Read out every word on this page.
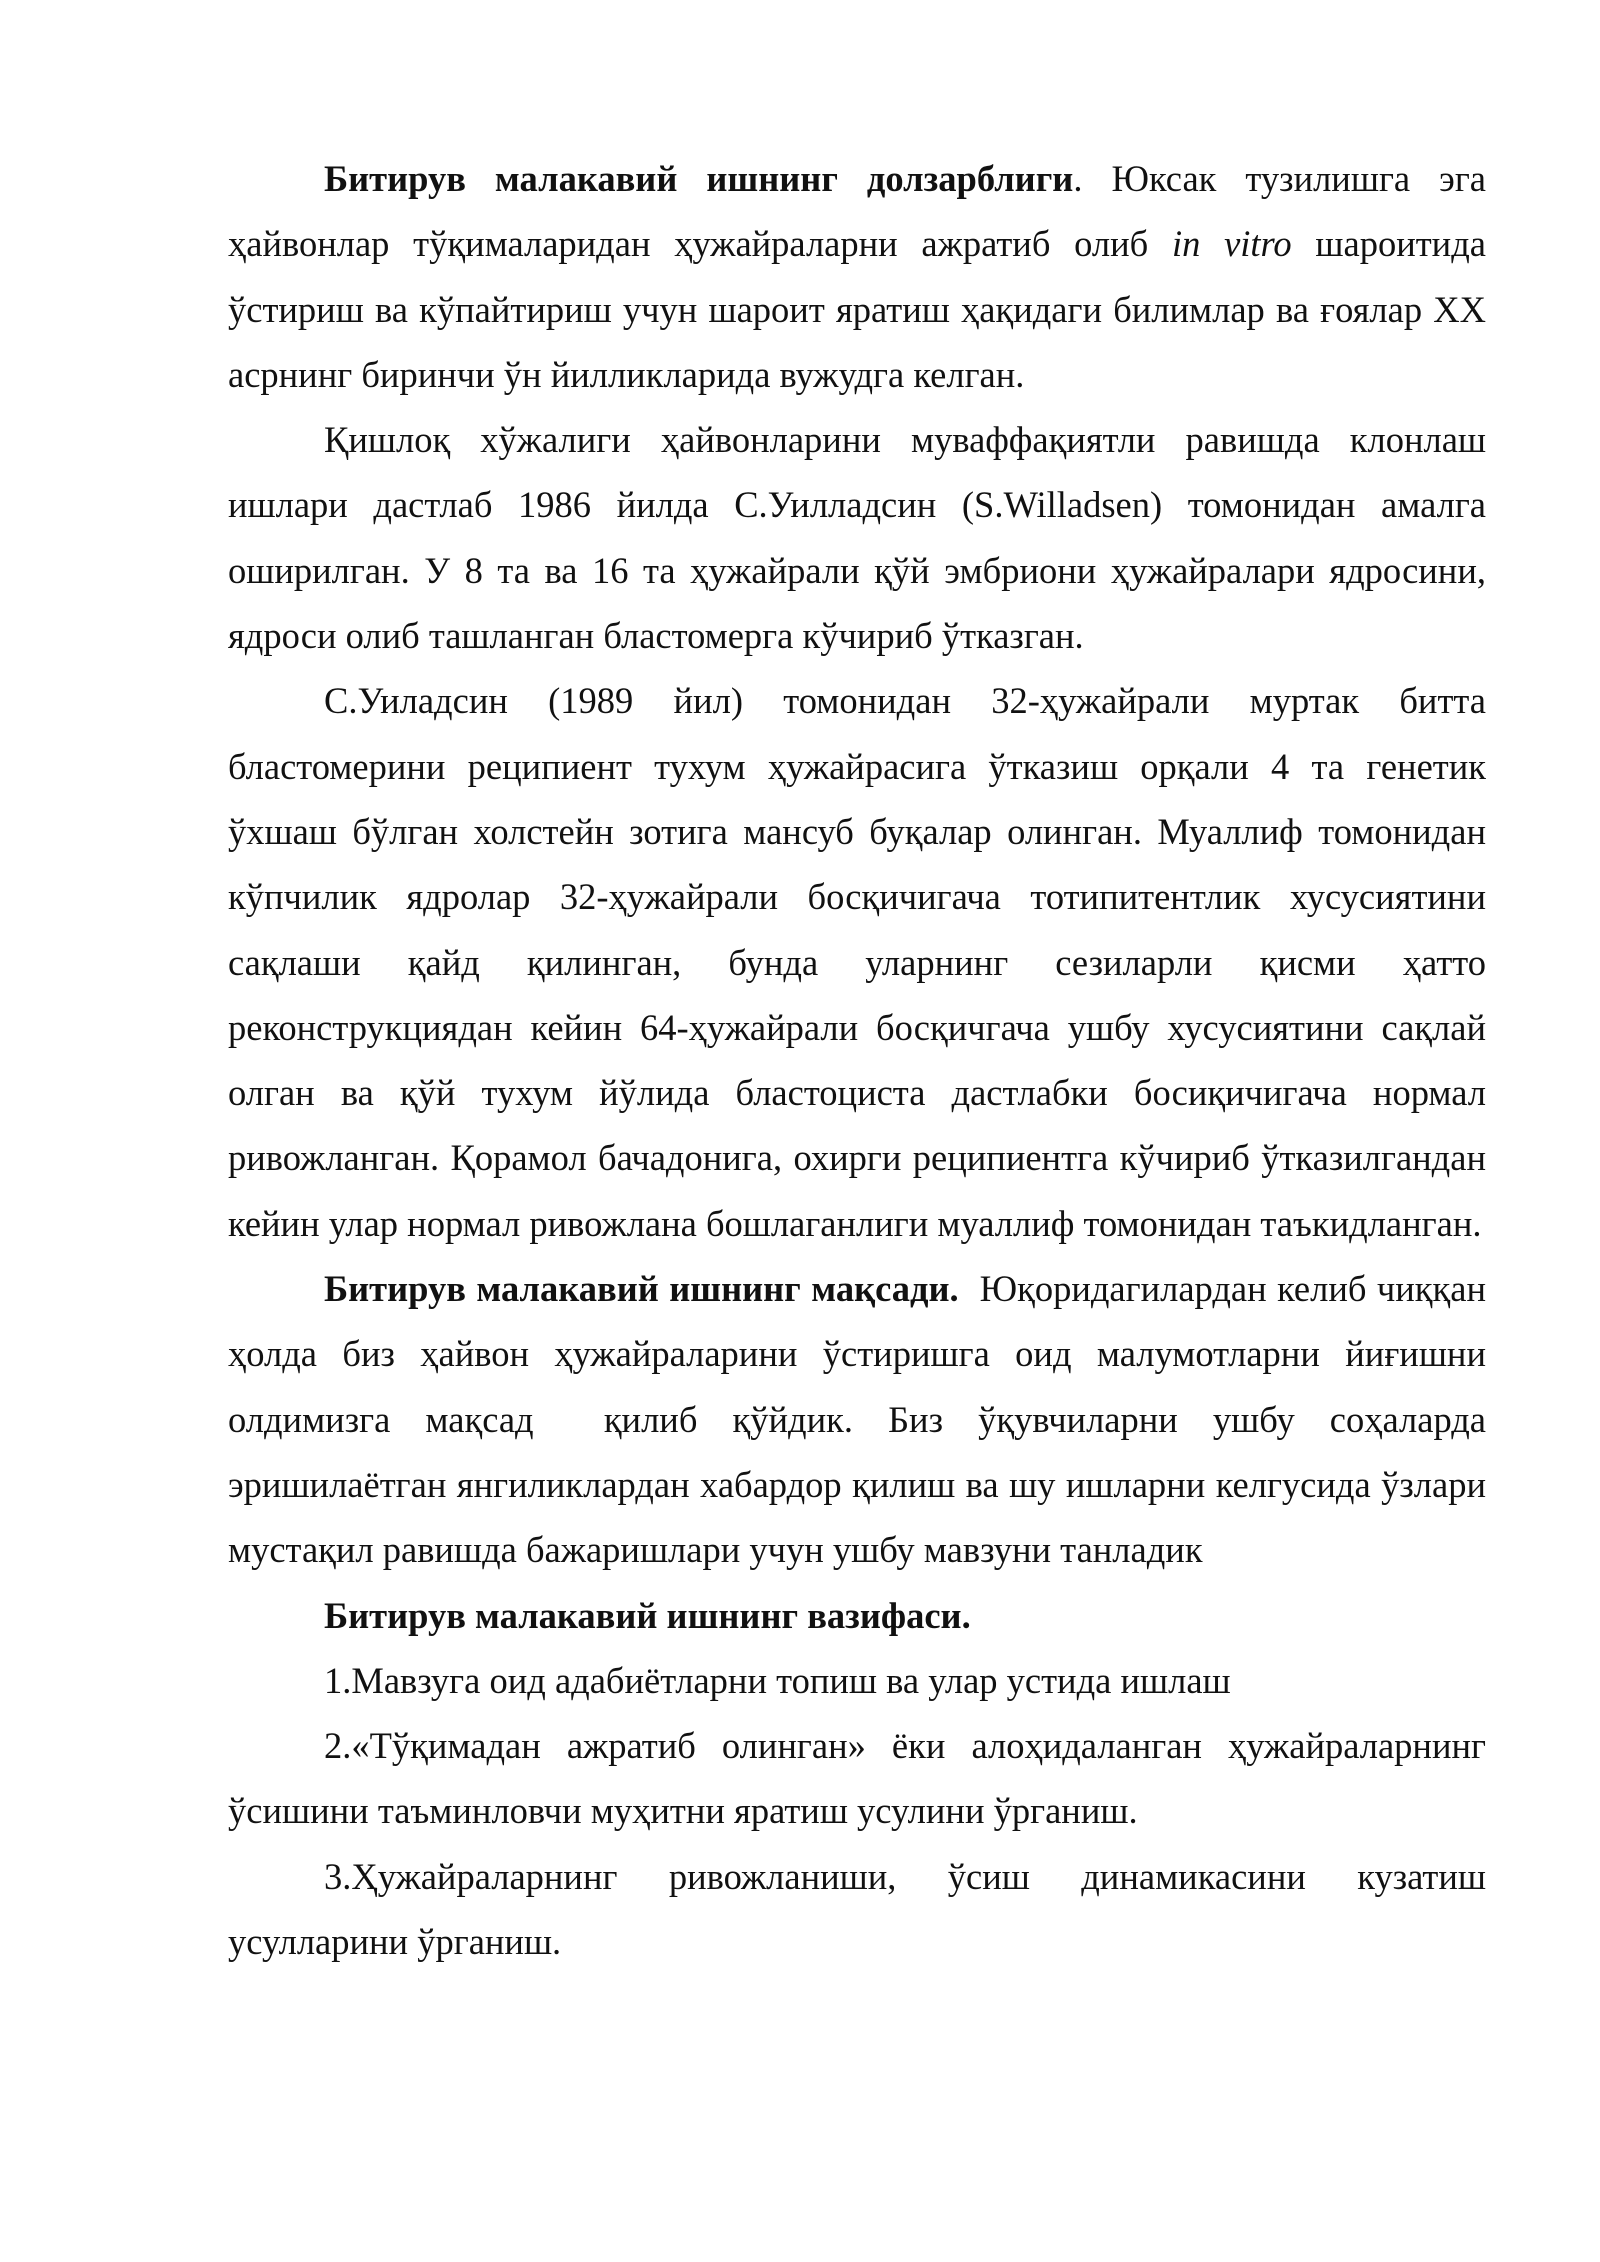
Битирув малакавий ишнинг долзарблиги. Юксак тузилишга эга ҳайвонлар тўқималаридан ҳужайраларни ажратиб олиб in vitro шароитида ўстириш ва кўпайтириш учун шароит яратиш ҳақидаги билимлар ва ғоялар XX асрнинг биринчи ўн йилликларида вужудга келган.

Қишлоқ хўжалиги ҳайвонларини муваффақиятли равишда клонлаш ишлари дастлаб 1986 йилда С.Уилладсин (S.Willadsen) томонидан амалга оширилган. У 8 та ва 16 та ҳужайрали қўй эмбриони ҳужайралари ядросини, ядроси олиб ташланган бластомерга кўчириб ўтказган.

С.Уиладсин (1989 йил) томонидан 32-ҳужайрали муртак битта бластомерини реципиент тухум ҳужайрасига ўтказиш орқали 4 та генетик ўхшаш бўлган холстейн зотига мансуб буқалар олинган. Муаллиф томонидан кўпчилик ядролар 32-ҳужайрали босқичигача тотипитентлик хусусиятини сақлаши қайд қилинган, бунда уларнинг сезиларли қисми ҳатто реконструкциядан кейин 64-ҳужайрали босқичгача ушбу хусусиятини сақлай олган ва қўй тухум йўлида бластоциста дастлабки босиқичигача нормал ривожланган. Қорамол бачадонига, охирги реципиентга кўчириб ўтказилгандан кейин улар нормал ривожлана бошлаганлиги муаллиф томонидан таъкидланган.

Битирув малакавий ишнинг мақсади.  Юқоридагилардан келиб чиққан ҳолда биз ҳайвон ҳужайраларини ўстиришга оид малумотларни йиғишни олдимизга мақсад  қилиб қўйдик. Биз ўқувчиларни ушбу соҳаларда эришилаётган янгиликлардан хабардор қилиш ва шу ишларни келгусида ўзлари мустақил равишда бажаришлари учун ушбу мавзуни танладик

Битирув малакавий ишнинг вазифаси.

1.Мавзуга оид адабиётларни топиш ва улар устида ишлаш

2.«Тўқимадан ажратиб олинган» ёки алоҳидаланган ҳужайраларнинг ўсишини таъминловчи муҳитни яратиш усулини ўрганиш.

3.Ҳужайраларнинг ривожланиши, ўсиш динамикасини кузатиш усулларини ўрганиш.
